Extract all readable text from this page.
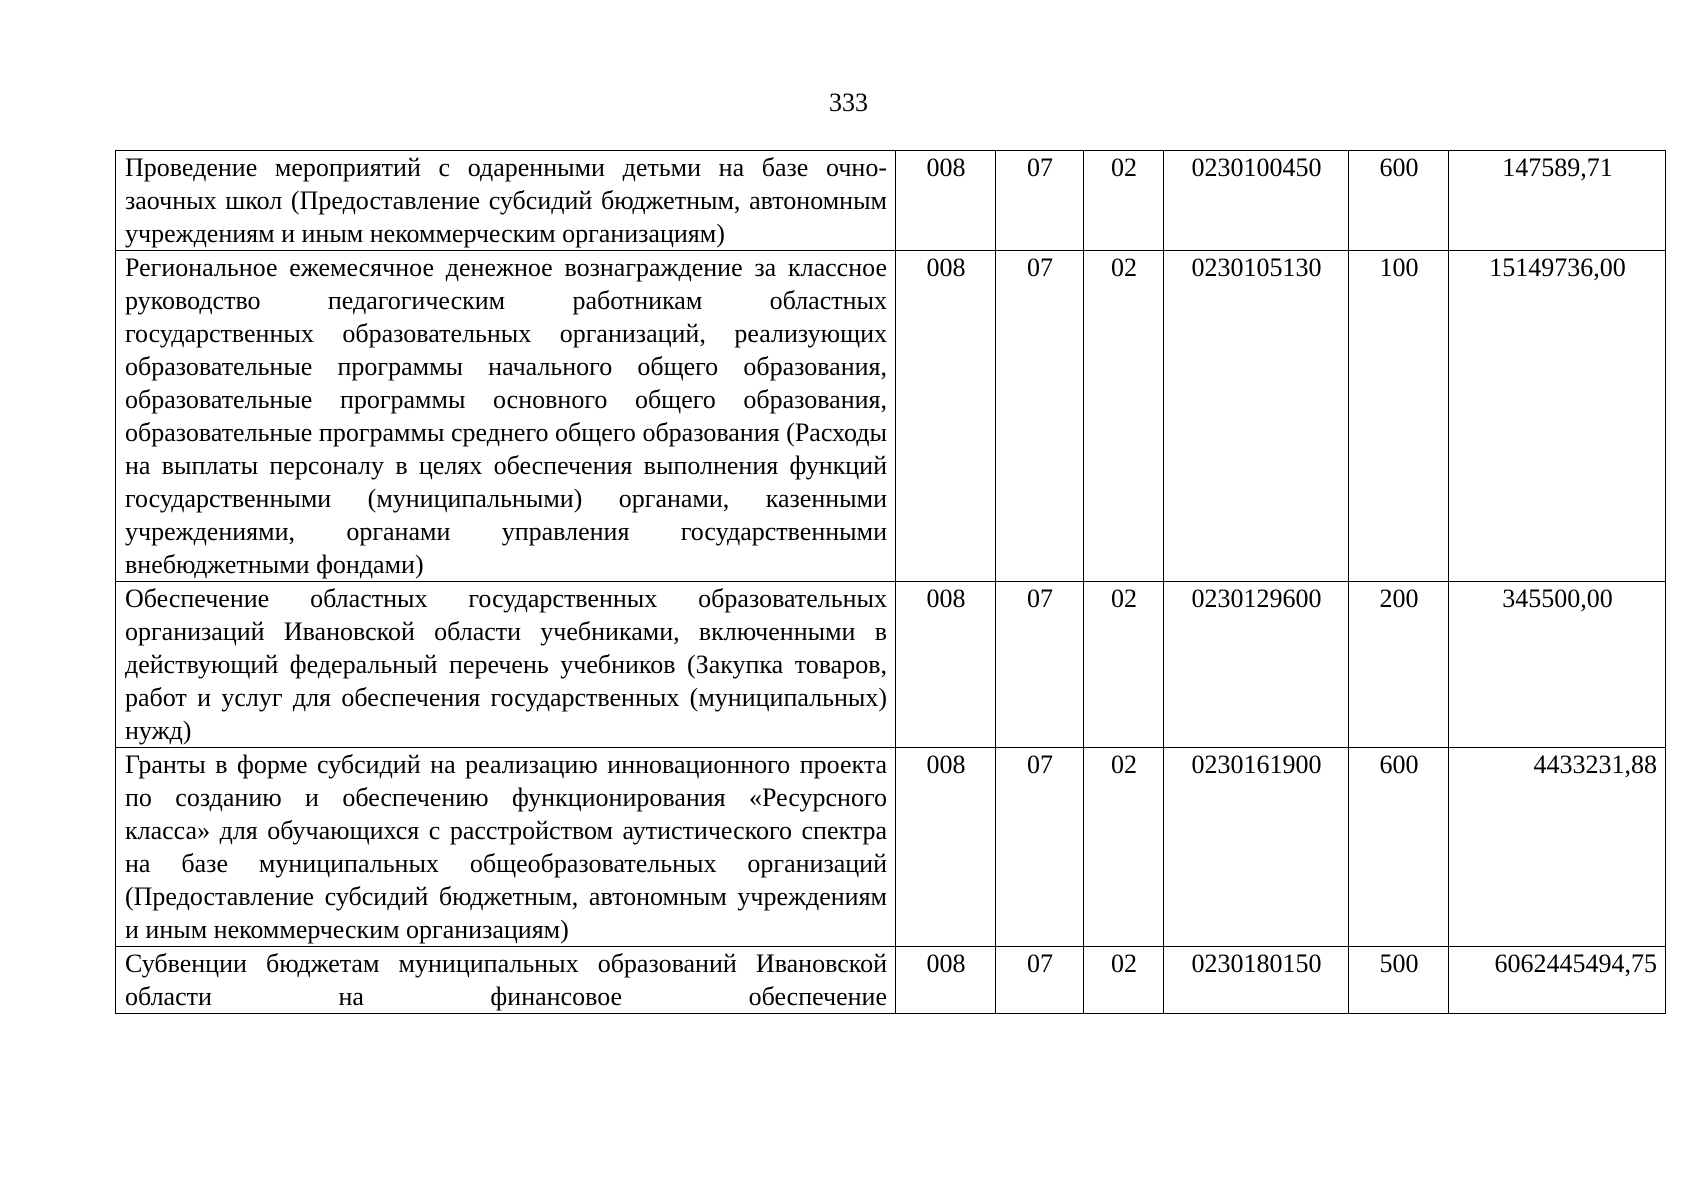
333
Проведение мероприятий с одаренными детьми на базе очно-заочных школ (Предоставление субсидий бюджетным, автономным учреждениям и иным некоммерческим организациям)	008	07	02	0230100450	600	147589,71
Региональное ежемесячное денежное вознаграждение за классное руководство педагогическим работникам областных государственных образовательных организаций, реализующих образовательные программы начального общего образования, образовательные программы основного общего образования, образовательные программы среднего общего образования (Расходы на выплаты персоналу в целях обеспечения выполнения функций государственными (муниципальными) органами, казенными учреждениями, органами управления государственными внебюджетными фондами)	008	07	02	0230105130	100	15149736,00
Обеспечение областных государственных образовательных организаций Ивановской области учебниками, включенными в действующий федеральный перечень учебников (Закупка товаров, работ и услуг для обеспечения государственных (муниципальных) нужд)	008	07	02	0230129600	200	345500,00
Гранты в форме субсидий на реализацию инновационного проекта по созданию и обеспечению функционирования «Ресурсного класса» для обучающихся с расстройством аутистического спектра на базе муниципальных общеобразовательных организаций (Предоставление субсидий бюджетным, автономным учреждениям и иным некоммерческим организациям)	008	07	02	0230161900	600	4433231,88
Субвенции бюджетам муниципальных образований Ивановской области на финансовое обеспечение	008	07	02	0230180150	500	6062445494,75
